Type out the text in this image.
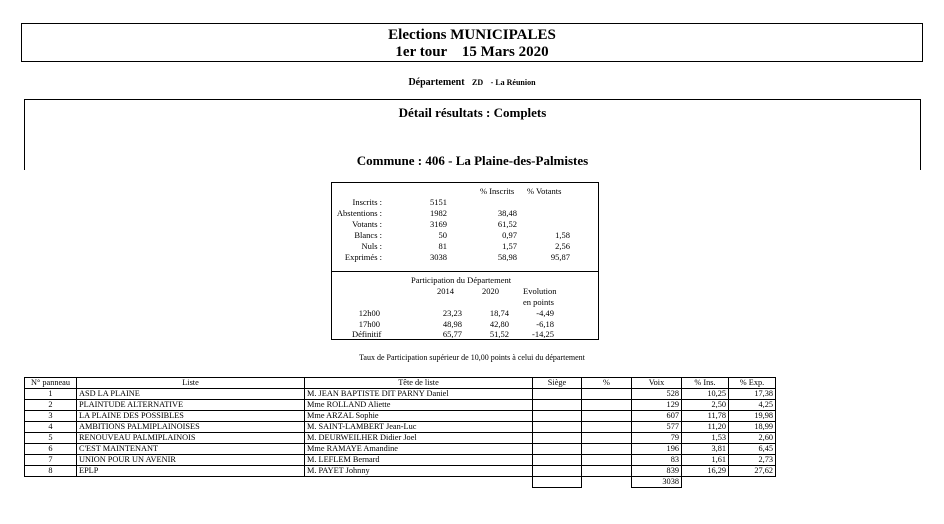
Elections MUNICIPALES
1er tour    15 Mars 2020
Département ZD - La Réunion
Détail résultats : Complets
Commune : 406 - La Plaine-des-Palmistes
% Inscrits % Votants
Inscrits :	5151
Abstentions :	1982	38,48
Votants :	3169	61,52
Blancs :	50	0,97	1,58
Nuls :	81	1,57	2,56
Exprimés :	3038	58,98	95,87
Participation du Département
2014	2020	Evolution
en points
12h00	23,23	18,74	-4,49
17h00	48,98	42,80	-6,18
Définitif	65,77	51,52	-14,25
Taux de Participation supérieur de 10,00 points à celui du département
N° panneau	Liste	Tête de liste	Siège	%	Voix	% Ins.	% Exp.
1	ASD LA PLAINE	M. JEAN BAPTISTE DIT PARNY Daniel			528	10,25	17,38
2	PLAINTUDE ALTERNATIVE	Mme ROLLAND Aliette			129	2,50	4,25
3	LA PLAINE DES POSSIBLES	Mme ARZAL Sophie			607	11,78	19,98
4	AMBITIONS PALMIPLAINOISES	M. SAINT-LAMBERT Jean-Luc			577	11,20	18,99
5	RENOUVEAU PALMIPLAINOIS	M. DEURWEILHER Didier Joel			79	1,53	2,60
6	C'EST MAINTENANT	Mme RAMAYE Amandine			196	3,81	6,45
7	UNION POUR UN AVENIR	M. LEFLEM Bernard			83	1,61	2,73
8	EPLP	M. PAYET Johnny			839	16,29	27,62
					3038		
